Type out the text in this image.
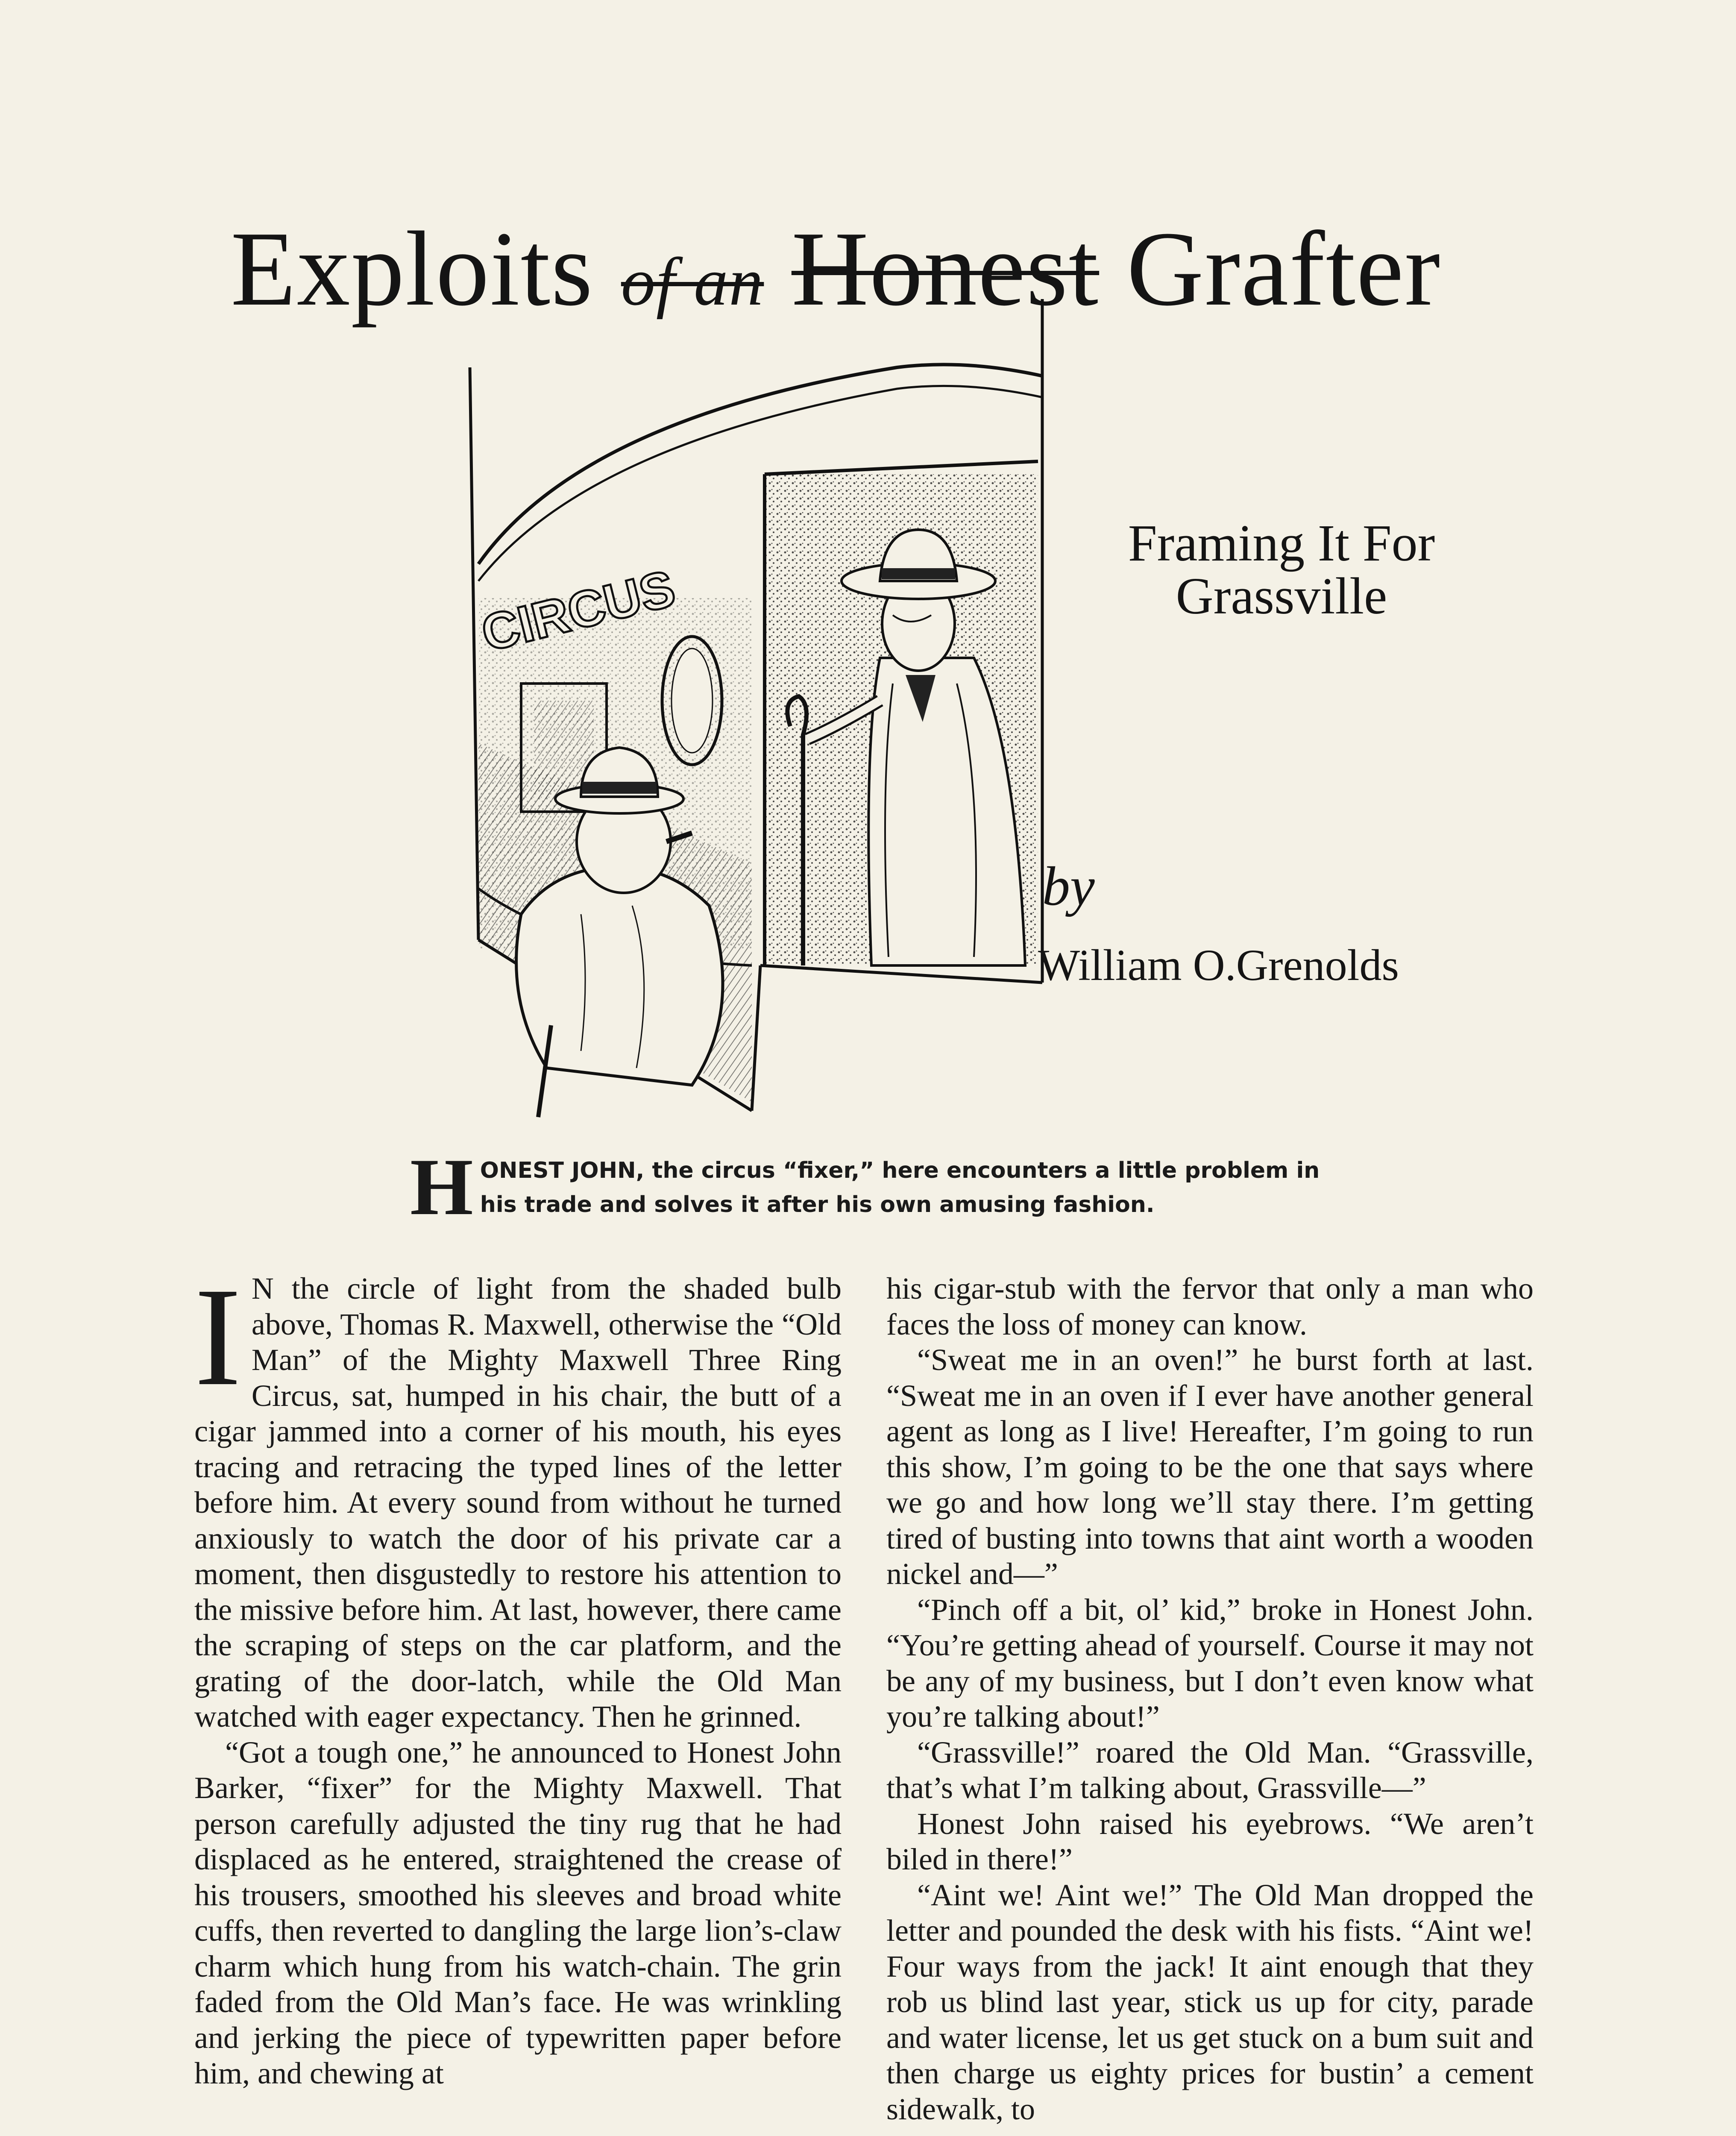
Exploits of an Honest Grafter
CIRCUS
Framing It For
Grassville
by
William O.Grenolds
H ONEST JOHN, the circus “fixer,” here encounters a little problem in his trade and solves it after his own amusing fashion.

I N the circle of light from the shaded bulb above, Thomas R. Maxwell, otherwise the “Old Man” of the Mighty Maxwell Three Ring Circus, sat, humped in his chair, the butt of a cigar jammed into a corner of his mouth, his eyes tracing and retracing the typed lines of the letter before him. At every sound from without he turned anxiously to watch the door of his private car a moment, then disgustedly to restore his attention to the missive before him. At last, however, there came the scraping of steps on the car platform, and the grating of the door-latch, while the Old Man watched with eager expectancy. Then he grinned.

“Got a tough one,” he announced to Honest John Barker, “fixer” for the Mighty Maxwell. That person carefully adjusted the tiny rug that he had displaced as he entered, straightened the crease of his trousers, smoothed his sleeves and broad white cuffs, then reverted to dangling the large lion’s-claw charm which hung from his watch-chain. The grin faded from the Old Man’s face. He was wrinkling and jerking the piece of typewritten paper before him, and chewing at

his cigar-stub with the fervor that only a man who faces the loss of money can know.

“Sweat me in an oven!” he burst forth at last. “Sweat me in an oven if I ever have another general agent as long as I live! Hereafter, I’m going to run this show, I’m going to be the one that says where we go and how long we’ll stay there. I’m getting tired of busting into towns that aint worth a wooden nickel and—”

“Pinch off a bit, ol’ kid,” broke in Honest John. “You’re getting ahead of yourself. Course it may not be any of my business, but I don’t even know what you’re talking about!”

“Grassville!” roared the Old Man. “Grassville, that’s what I’m talking about, Grassville—”

Honest John raised his eyebrows. “We aren’t biled in there!”

“Aint we! Aint we!” The Old Man dropped the letter and pounded the desk with his fists. “Aint we! Four ways from the jack! It aint enough that they rob us blind last year, stick us up for city, parade and water license, let us get stuck on a bum suit and then charge us eighty prices for bustin’ a cement sidewalk, to
